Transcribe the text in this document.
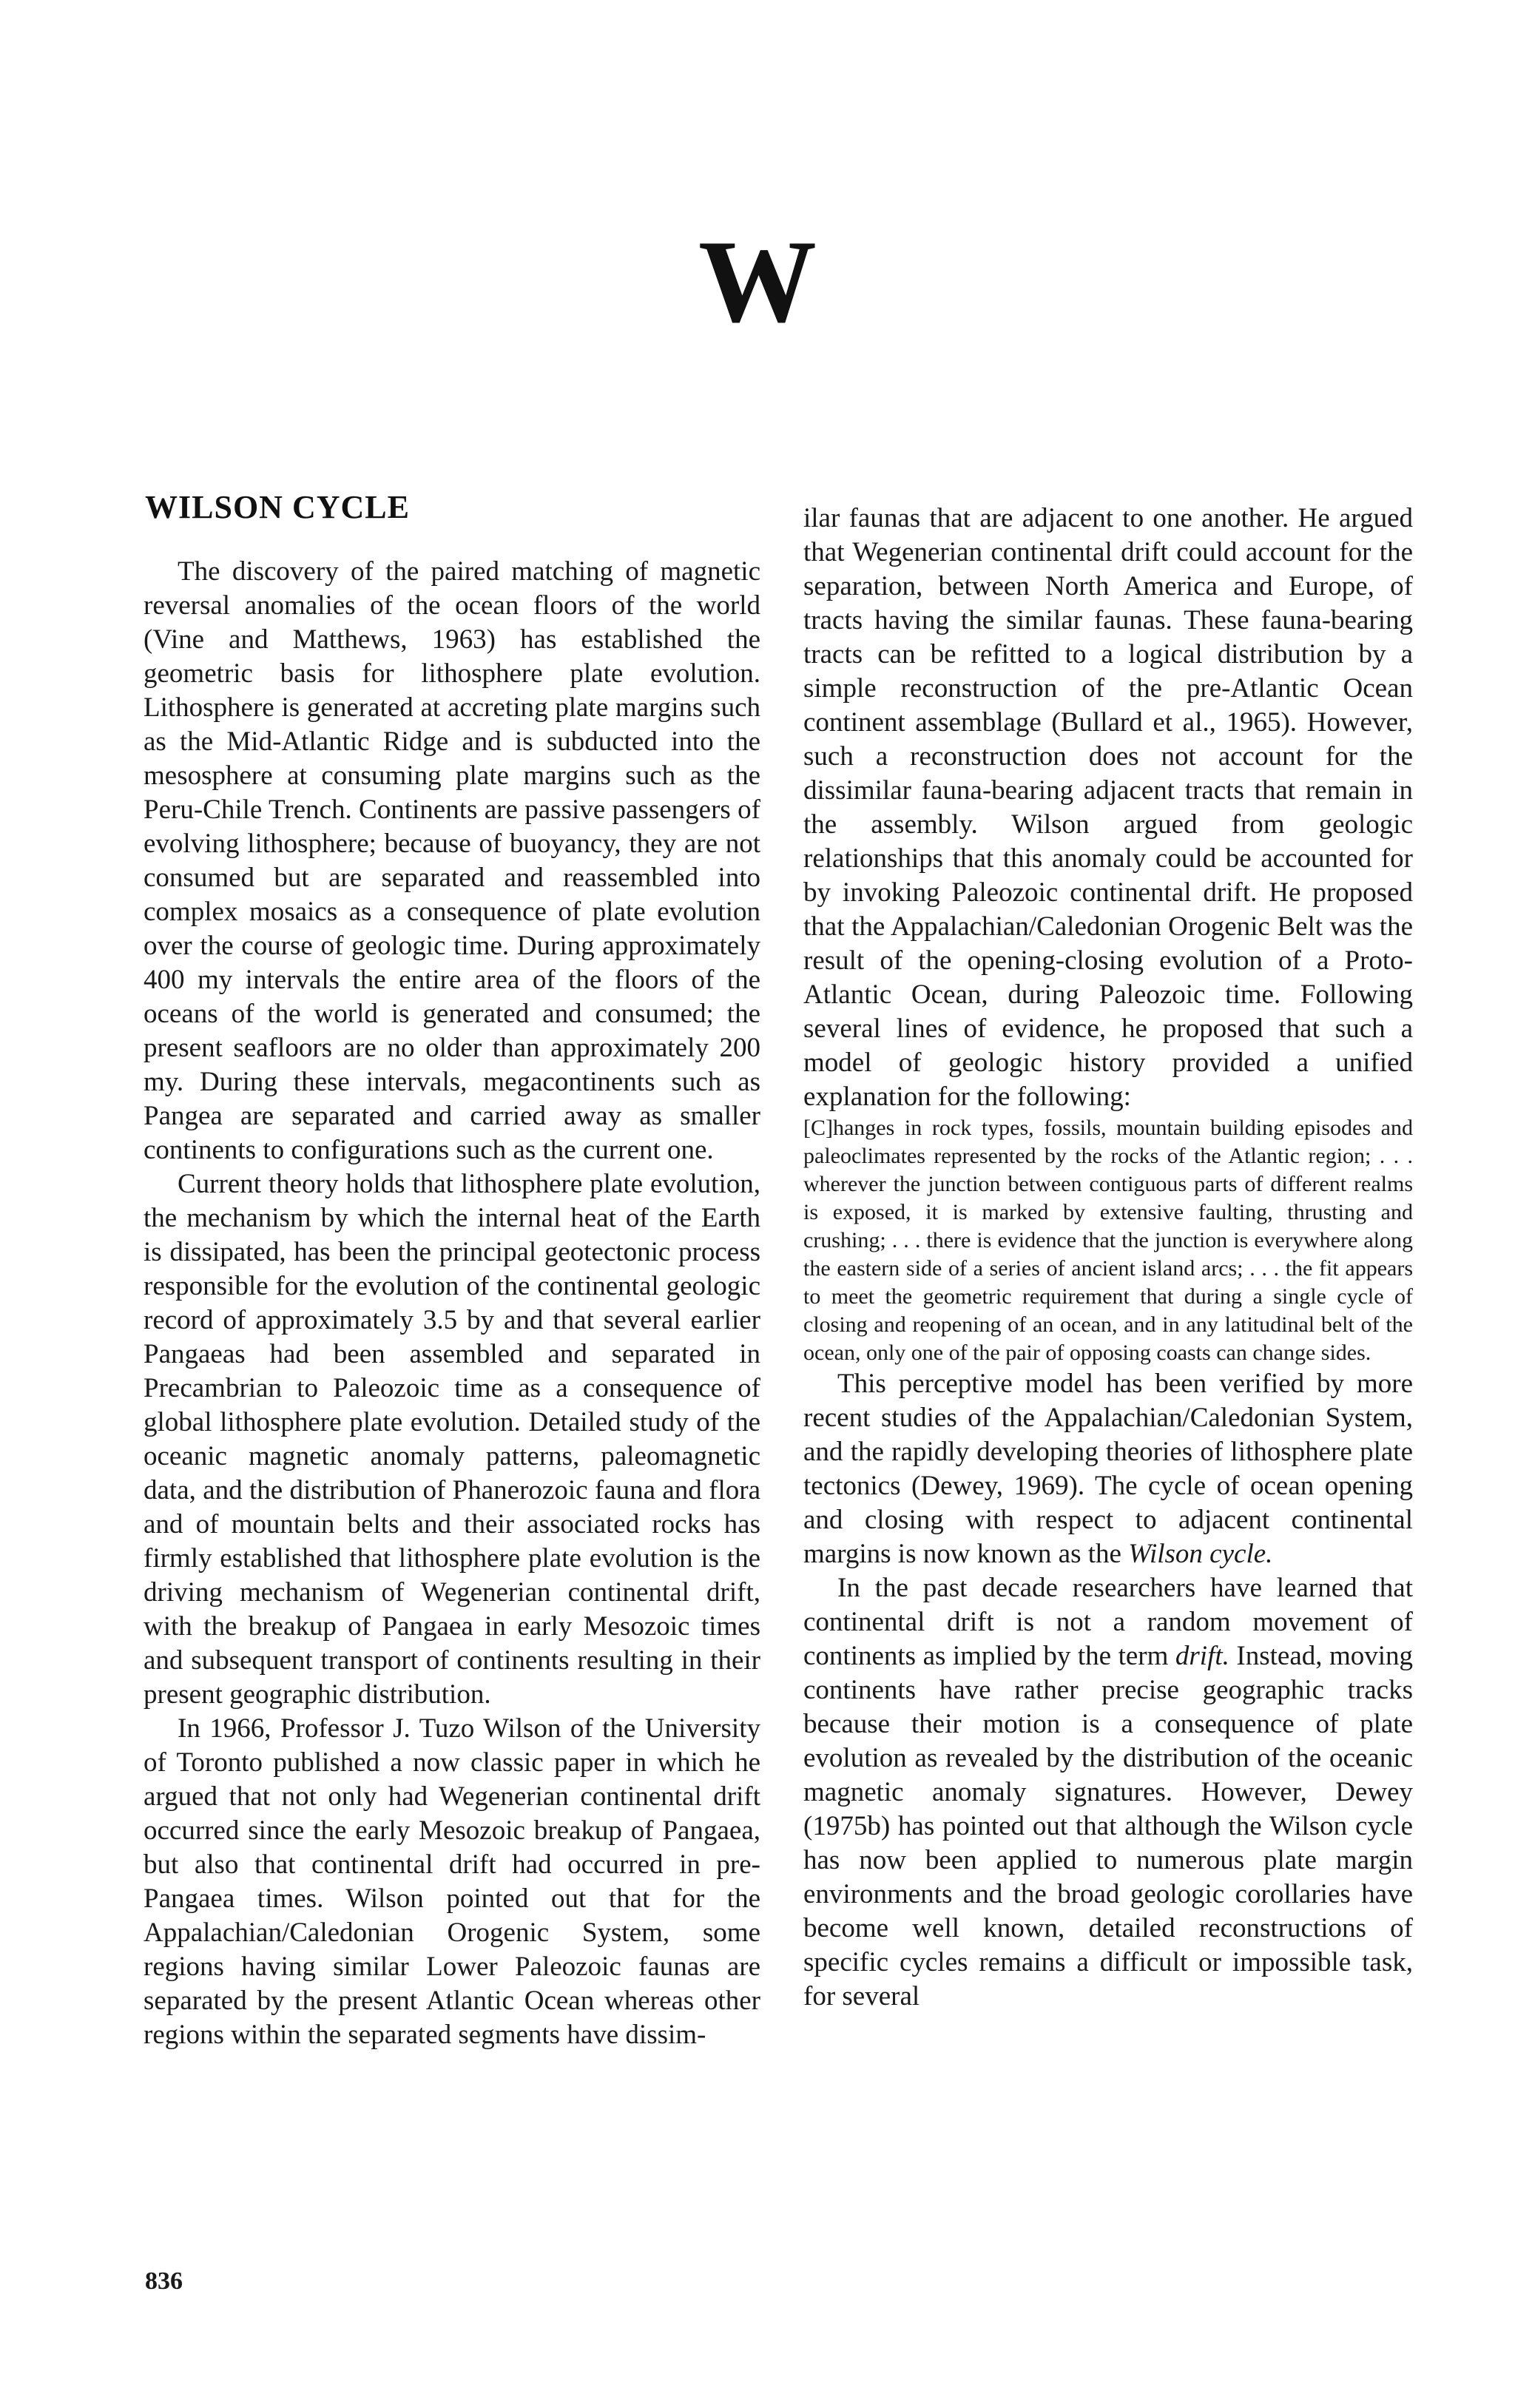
W
WILSON CYCLE

The discovery of the paired matching of magnetic reversal anomalies of the ocean floors of the world (Vine and Matthews, 1963) has established the geometric basis for lithosphere plate evolution. Lithosphere is generated at accreting plate margins such as the Mid-Atlantic Ridge and is subducted into the mesosphere at consuming plate margins such as the Peru-Chile Trench. Continents are passive passengers of evolving lithosphere; because of buoyancy, they are not consumed but are separated and reassembled into complex mosaics as a consequence of plate evolution over the course of geologic time. During approximately 400 my intervals the entire area of the floors of the oceans of the world is generated and consumed; the present seafloors are no older than approximately 200 my. During these intervals, megacontinents such as Pangea are separated and carried away as smaller continents to configurations such as the current one.

Current theory holds that lithosphere plate evolution, the mechanism by which the internal heat of the Earth is dissipated, has been the principal geotectonic process responsible for the evolution of the continental geologic record of approximately 3.5 by and that several earlier Pangaeas had been assembled and separated in Precambrian to Paleozoic time as a consequence of global lithosphere plate evolution. Detailed study of the oceanic magnetic anomaly patterns, paleomagnetic data, and the distribution of Phanerozoic fauna and flora and of mountain belts and their associated rocks has firmly established that lithosphere plate evolution is the driving mechanism of Wegenerian continental drift, with the breakup of Pangaea in early Mesozoic times and subsequent transport of continents resulting in their present geographic distribution.

In 1966, Professor J. Tuzo Wilson of the University of Toronto published a now classic paper in which he argued that not only had Wegenerian continental drift occurred since the early Mesozoic breakup of Pangaea, but also that continental drift had occurred in pre-Pangaea times. Wilson pointed out that for the Appalachian/Caledonian Orogenic System, some regions having similar Lower Paleozoic faunas are separated by the present Atlantic Ocean whereas other regions within the separated segments have dissim-

ilar faunas that are adjacent to one another. He argued that Wegenerian continental drift could account for the separation, between North America and Europe, of tracts having the similar faunas. These fauna-bearing tracts can be refitted to a logical distribution by a simple reconstruction of the pre-Atlantic Ocean continent assemblage (Bullard et al., 1965). However, such a reconstruction does not account for the dissimilar fauna-bearing adjacent tracts that remain in the assembly. Wilson argued from geologic relationships that this anomaly could be accounted for by invoking Paleozoic continental drift. He proposed that the Appalachian/Caledonian Orogenic Belt was the result of the opening-closing evolution of a Proto-Atlantic Ocean, during Paleozoic time. Following several lines of evidence, he proposed that such a model of geologic history provided a unified explanation for the following:

[C]hanges in rock types, fossils, mountain building episodes and paleoclimates represented by the rocks of the Atlantic region; . . . wherever the junction between contiguous parts of different realms is exposed, it is marked by extensive faulting, thrusting and crushing; . . . there is evidence that the junction is everywhere along the eastern side of a series of ancient island arcs; . . . the fit appears to meet the geometric requirement that during a single cycle of closing and reopening of an ocean, and in any latitudinal belt of the ocean, only one of the pair of opposing coasts can change sides.

This perceptive model has been verified by more recent studies of the Appalachian/Caledonian System, and the rapidly developing theories of lithosphere plate tectonics (Dewey, 1969). The cycle of ocean opening and closing with respect to adjacent continental margins is now known as the Wilson cycle.

In the past decade researchers have learned that continental drift is not a random movement of continents as implied by the term drift. Instead, moving continents have rather precise geographic tracks because their motion is a consequence of plate evolution as revealed by the distribution of the oceanic magnetic anomaly signatures. However, Dewey (1975b) has pointed out that although the Wilson cycle has now been applied to numerous plate margin environments and the broad geologic corollaries have become well known, detailed reconstructions of specific cycles remains a difficult or impossible task, for several

836
